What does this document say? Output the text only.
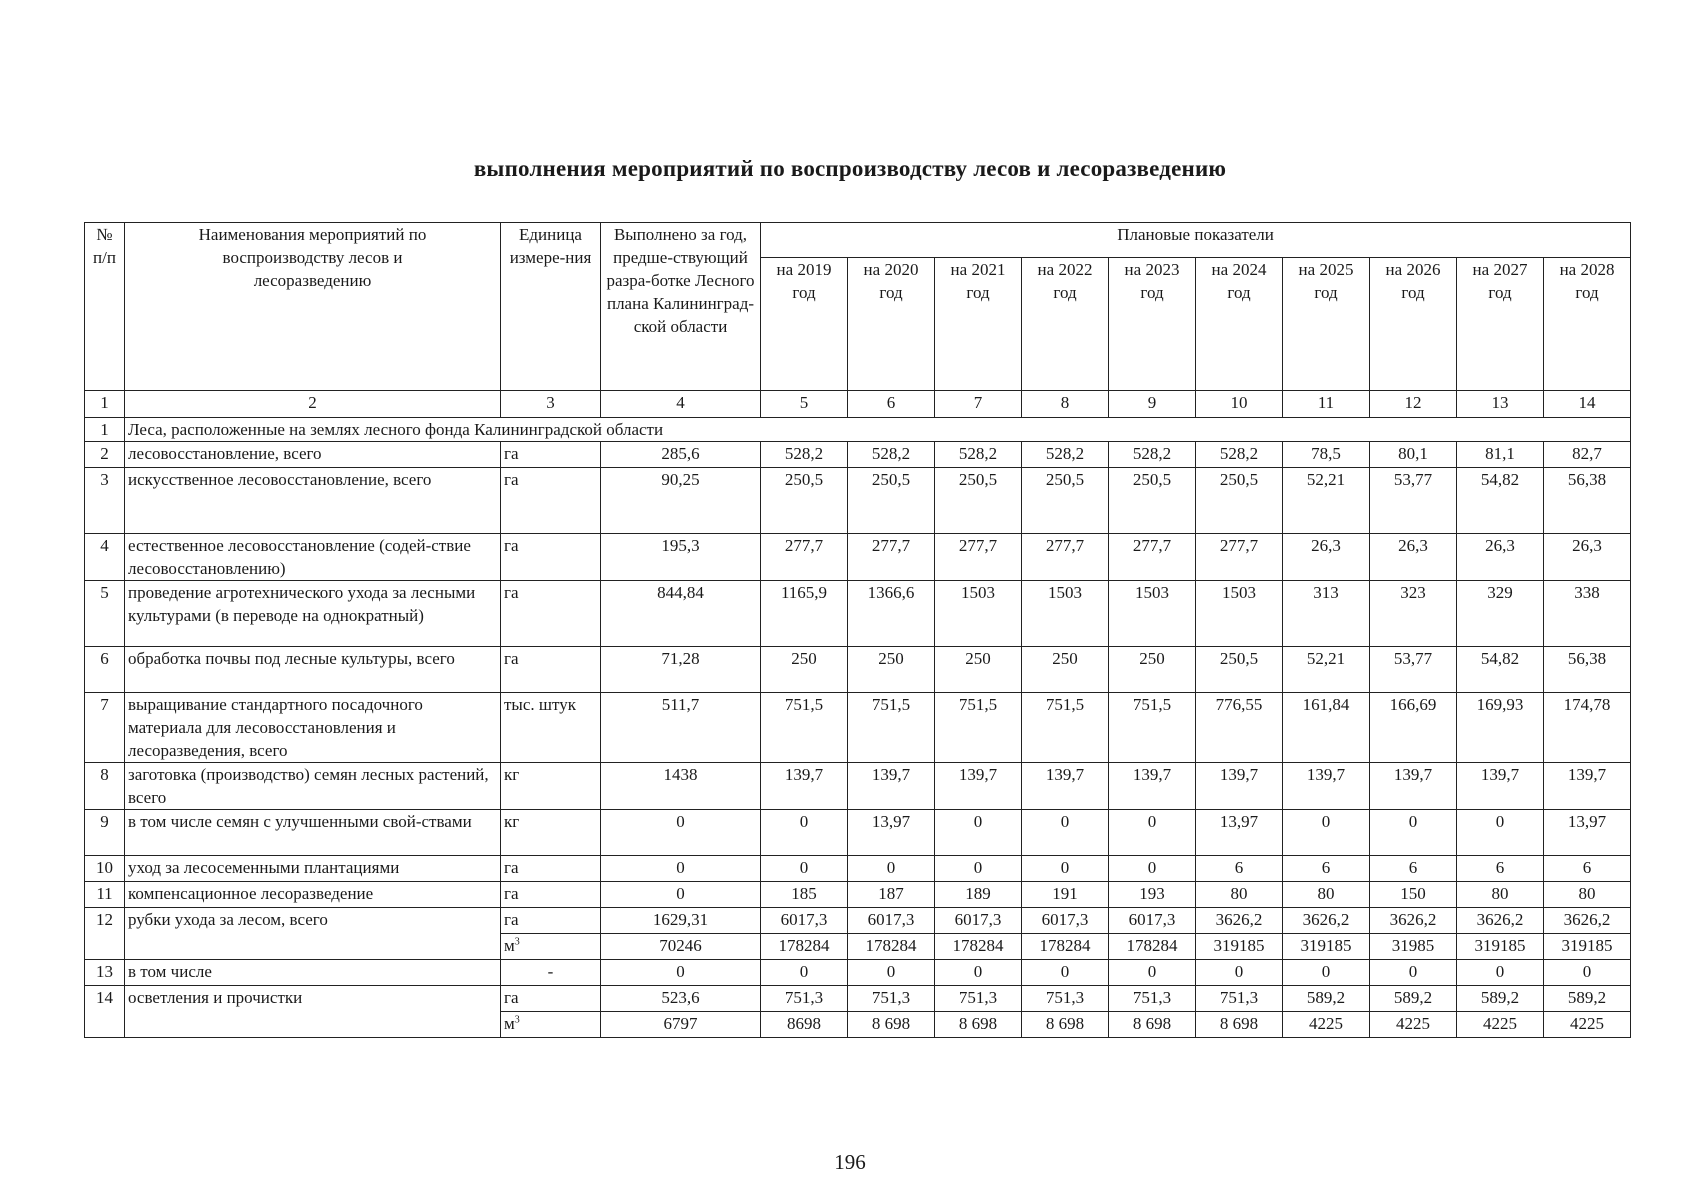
выполнения мероприятий по воспроизводству лесов и лесоразведению
№ п/п	Наименования мероприятий по воспроизводству лесов и лесоразведению	Единица измере-ния	Выполнено за год, предше-ствующий разра-ботке Лесного плана Калининград-ской области	Плановые показатели									
				на 2019 год	на 2020 год	на 2021 год	на 2022 год	на 2023 год	на 2024 год	на 2025 год	на 2026 год	на 2027 год	на 2028 год
1	2	3	4	5	6	7	8	9	10	11	12	13	14
1	Леса, расположенные на землях лесного фонда Калининградской области												
2	лесовосстановление, всего	га	285,6	528,2	528,2	528,2	528,2	528,2	528,2	78,5	80,1	81,1	82,7
3	искусственное лесовосстановление, всего	га	90,25	250,5	250,5	250,5	250,5	250,5	250,5	52,21	53,77	54,82	56,38
4	естественное лесовосстановление (содей-ствие лесовосстановлению)	га	195,3	277,7	277,7	277,7	277,7	277,7	277,7	26,3	26,3	26,3	26,3
5	проведение агротехнического ухода за лесными культурами (в переводе на однократный)	га	844,84	1165,9	1366,6	1503	1503	1503	1503	313	323	329	338
6	обработка почвы под лесные культуры, всего	га	71,28	250	250	250	250	250	250,5	52,21	53,77	54,82	56,38
7	выращивание стандартного посадочного материала для лесовосстановления и лесоразведения, всего	тыс. штук	511,7	751,5	751,5	751,5	751,5	751,5	776,55	161,84	166,69	169,93	174,78
8	заготовка (производство) семян лесных растений, всего	кг	1438	139,7	139,7	139,7	139,7	139,7	139,7	139,7	139,7	139,7	139,7
9	в том числе семян с улучшенными свой-ствами	кг	0	0	13,97	0	0	0	13,97	0	0	0	13,97
10	уход за лесосеменными плантациями	га	0	0	0	0	0	0	6	6	6	6	6
11	компенсационное лесоразведение	га	0	185	187	189	191	193	80	80	150	80	80
12	рубки ухода за лесом, всего	га	1629,31	6017,3	6017,3	6017,3	6017,3	6017,3	3626,2	3626,2	3626,2	3626,2	3626,2
		$м^3$	70246	178284	178284	178284	178284	178284	319185	319185	31985	319185	319185
13	в том числе	-	0	0	0	0	0	0	0	0	0	0	0
14	осветления и прочистки	га	523,6	751,3	751,3	751,3	751,3	751,3	751,3	589,2	589,2	589,2	589,2
		$м^3$	6797	8698	8 698	8 698	8 698	8 698	8 698	4225	4225	4225	4225
196
